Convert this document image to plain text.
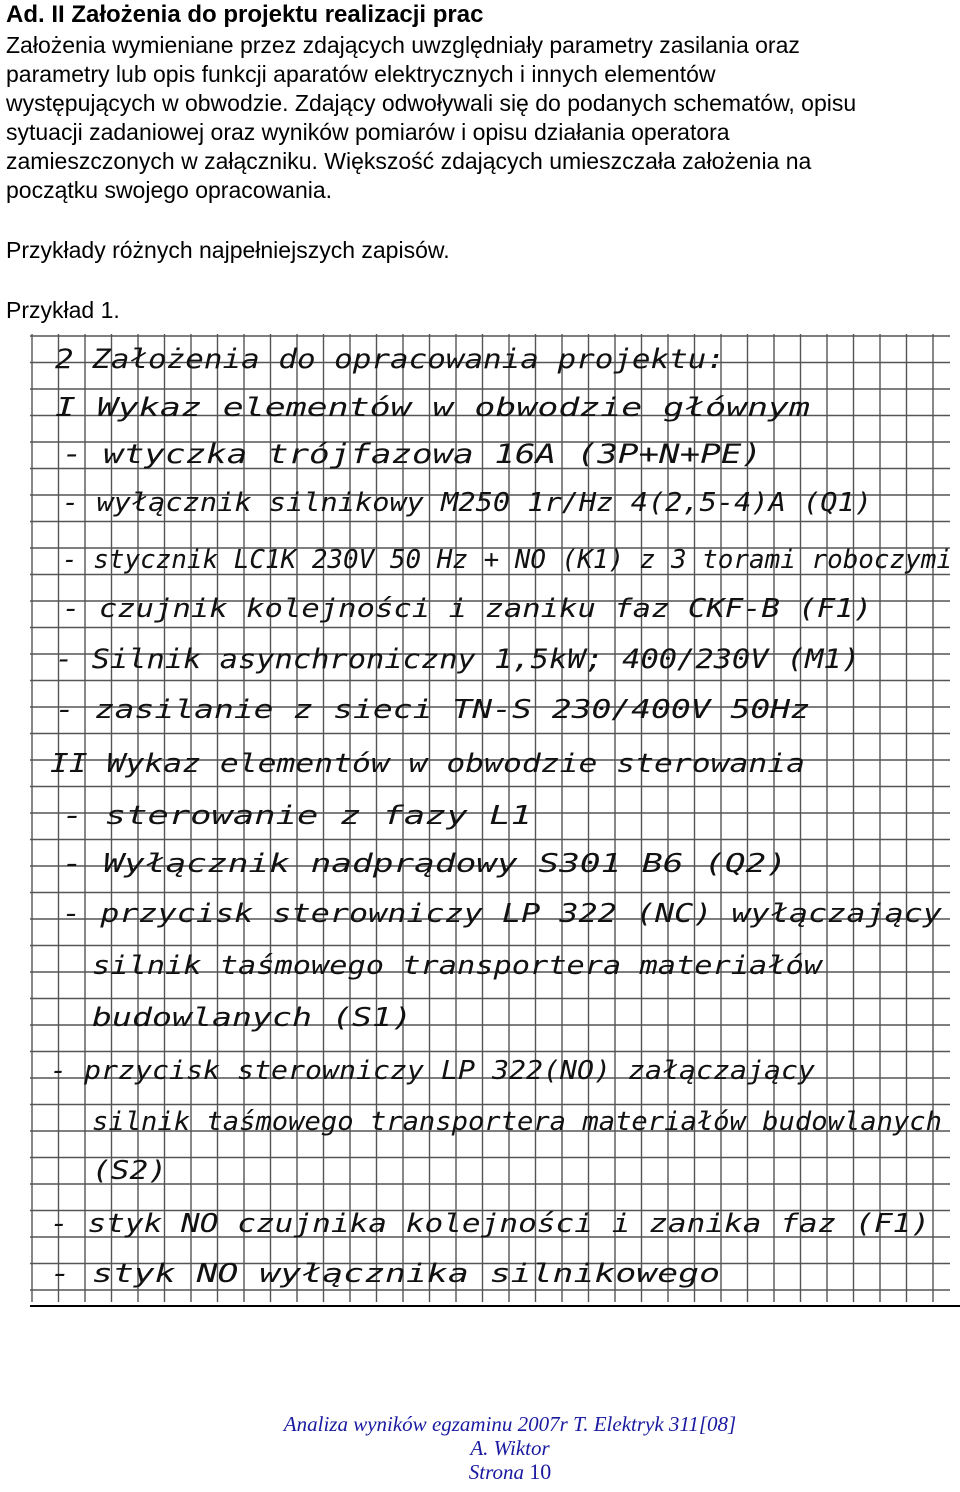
Ad. II Założenia do projektu realizacji prac
Założenia wymieniane przez zdających uwzględniały parametry zasilania oraz
parametry lub opis funkcji aparatów elektrycznych i innych elementów
występujących w obwodzie. Zdający odwoływali się do podanych schematów, opisu
sytuacji zadaniowej oraz wyników pomiarów i opisu działania operatora
zamieszczonych w załączniku. Większość zdających umieszczała założenia na
początku swojego opracowania.
Przykłady różnych najpełniejszych zapisów.
Przykład 1.
2 Założenia do opracowania projektu:
I Wykaz elementów w obwodzie głównym
- wtyczka trójfazowa 16A (3P+N+PE)
- wyłącznik silnikowy M250 1r/Hz 4(2,5-4)A (Q1)
- stycznik LC1K 230V 50 Hz + NO (K1) z 3 torami roboczymi
- czujnik kolejności i zaniku faz CKF-B (F1)
- Silnik asynchroniczny 1,5kW; 400/230V (M1)
- zasilanie z sieci TN-S 230/400V 50Hz
II Wykaz elementów w obwodzie sterowania
- sterowanie z fazy L1
- Wyłącznik nadprądowy S301 B6 (Q2)
- przycisk sterowniczy LP 322 (NC) wyłączający
silnik taśmowego transportera materiałów
budowlanych (S1)
- przycisk sterowniczy LP 322(NO) załączający
silnik taśmowego transportera materiałów budowlanych
(S2)
- styk NO czujnika kolejności i zanika faz (F1)
- styk NO wyłącznika silnikowego
Analiza wyników egzaminu 2007r T. Elektryk 311[08]
A. Wiktor
Strona 10
